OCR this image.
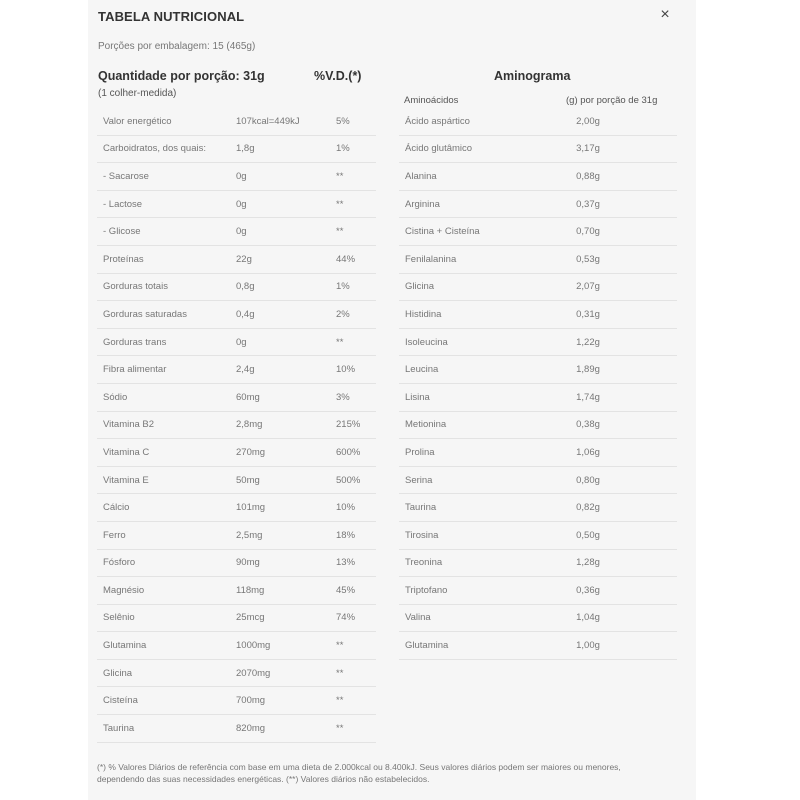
TABELA NUTRICIONAL	×
Porções por embalagem: 15 (465g)
Quantidade por porção: 31g	%V.D.(*)
(1 colher-medida)
Aminograma
Aminoácidos	(g) por porção de 31g
Valor energético	107kcal=449kJ	5%
Carboidratos, dos quais:	1,8g	1%
- Sacarose	0g	**
- Lactose	0g	**
- Glicose	0g	**
Proteínas	22g	44%
Gorduras totais	0,8g	1%
Gorduras saturadas	0,4g	2%
Gorduras trans	0g	**
Fibra alimentar	2,4g	10%
Sódio	60mg	3%
Vitamina B2	2,8mg	215%
Vitamina C	270mg	600%
Vitamina E	50mg	500%
Cálcio	101mg	10%
Ferro	2,5mg	18%
Fósforo	90mg	13%
Magnésio	118mg	45%
Selênio	25mcg	74%
Glutamina	1000mg	**
Glicina	2070mg	**
Cisteína	700mg	**
Taurina	820mg	**
Ácido aspártico	2,00g
Ácido glutâmico	3,17g
Alanina	0,88g
Arginina	0,37g
Cistina + Cisteína	0,70g
Fenilalanina	0,53g
Glicina	2,07g
Histidina	0,31g
Isoleucina	1,22g
Leucina	1,89g
Lisina	1,74g
Metionina	0,38g
Prolina	1,06g
Serina	0,80g
Taurina	0,82g
Tirosina	0,50g
Treonina	1,28g
Triptofano	0,36g
Valina	1,04g
Glutamina	1,00g
(*) % Valores Diários de referência com base em uma dieta de 2.000kcal ou 8.400kJ. Seus valores diários podem ser maiores ou menores, dependendo das suas necessidades energéticas. (**) Valores diários não estabelecidos.
